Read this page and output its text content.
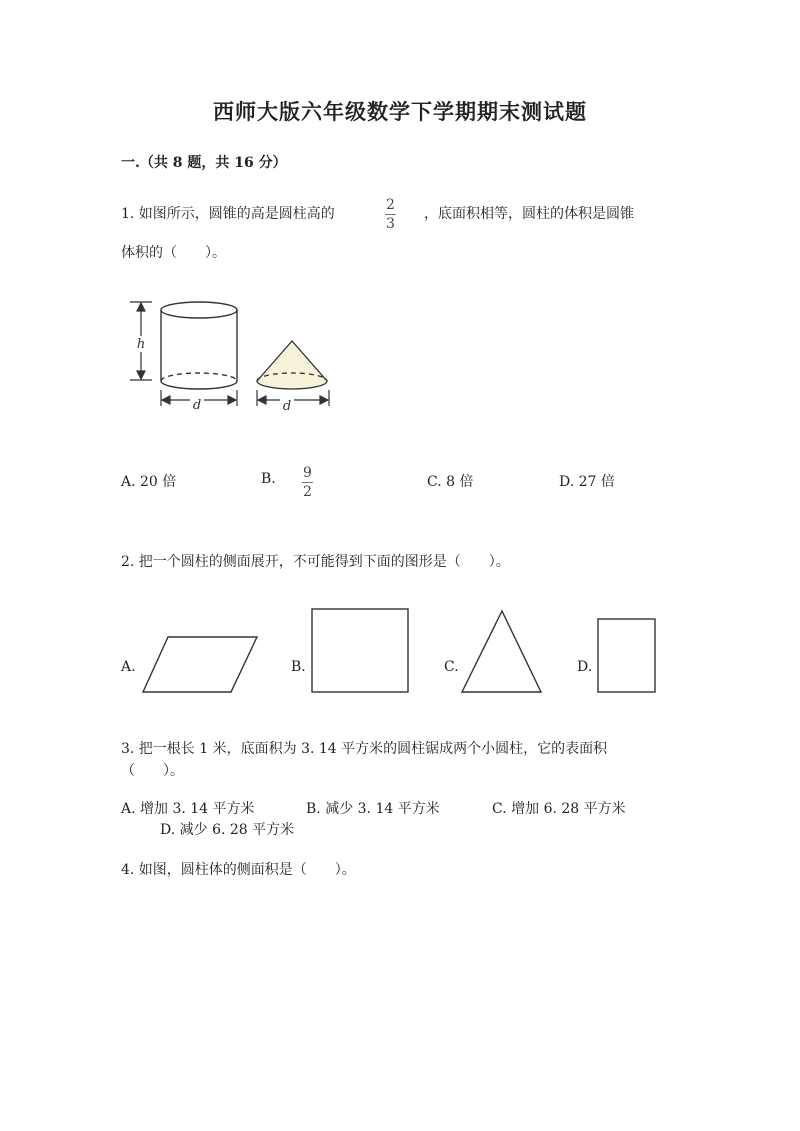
西师大版六年级数学下学期期末测试题
一.（共 8 题，共 16 分）
1. 如图所示，圆锥的高是圆柱高的	$\frac{2}{3}$ ，底面积相等，圆柱的体积是圆锥
体积的（　　）。
h
d	d
A. 20 倍	B. $\frac{9}{2}$	C. 8 倍	D. 27 倍
2. 把一个圆柱的侧面展开，不可能得到下面的图形是（　　）。
A.	B.	C.	D.
3. 把一根长 1 米，底面积为 3. 14 平方米的圆柱锯成两个小圆柱，它的表面积
（　　）。
A. 增加 3. 14 平方米	B. 减少 3. 14 平方米	C. 增加 6. 28 平方米
D. 减少 6. 28 平方米
4. 如图，圆柱体的侧面积是（　　）。
